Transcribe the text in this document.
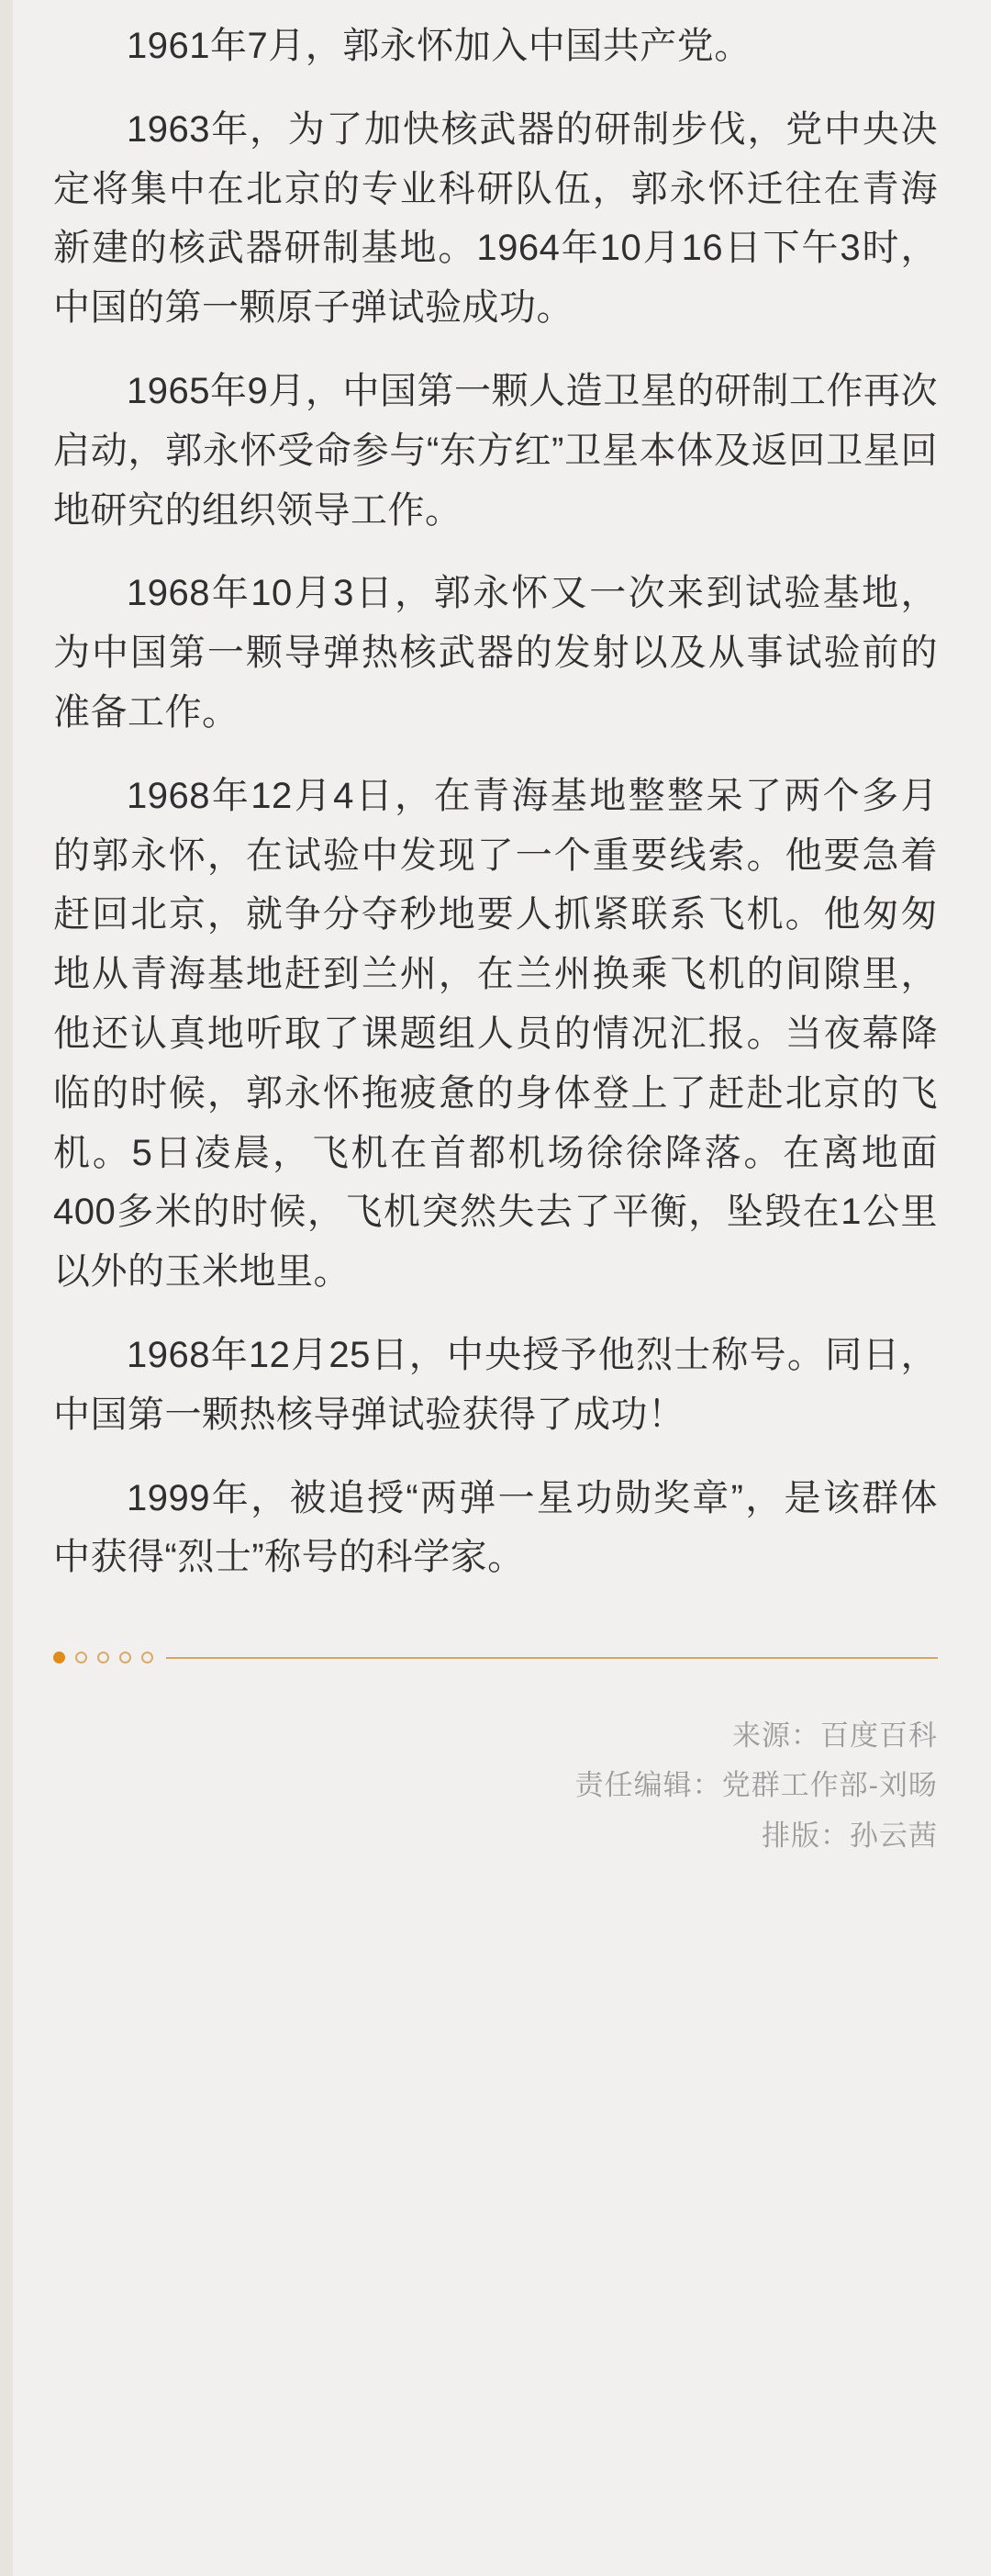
1961年7月，郭永怀加入中国共产党。

1963年，为了加快核武器的研制步伐，党中央决定将集中在北京的专业科研队伍，郭永怀迁往在青海新建的核武器研制基地。1964年10月16日下午3时，中国的第一颗原子弹试验成功。

1965年9月，中国第一颗人造卫星的研制工作再次启动，郭永怀受命参与“东方红”卫星本体及返回卫星回地研究的组织领导工作。

1968年10月3日，郭永怀又一次来到试验基地，为中国第一颗导弹热核武器的发射以及从事试验前的准备工作。

1968年12月4日，在青海基地整整呆了两个多月的郭永怀，在试验中发现了一个重要线索。他要急着赶回北京，就争分夺秒地要人抓紧联系飞机。他匆匆地从青海基地赶到兰州，在兰州换乘飞机的间隙里，他还认真地听取了课题组人员的情况汇报。当夜幕降临的时候，郭永怀拖疲惫的身体登上了赶赴北京的飞机。5日凌晨，飞机在首都机场徐徐降落。在离地面400多米的时候，飞机突然失去了平衡，坠毁在1公里以外的玉米地里。

1968年12月25日，中央授予他烈士称号。同日，中国第一颗热核导弹试验获得了成功！

1999年，被追授“两弹一星功勋奖章”，是该群体中获得“烈士”称号的科学家。

来源：百度百科
责任编辑：党群工作部-刘旸
排版：孙云茜
